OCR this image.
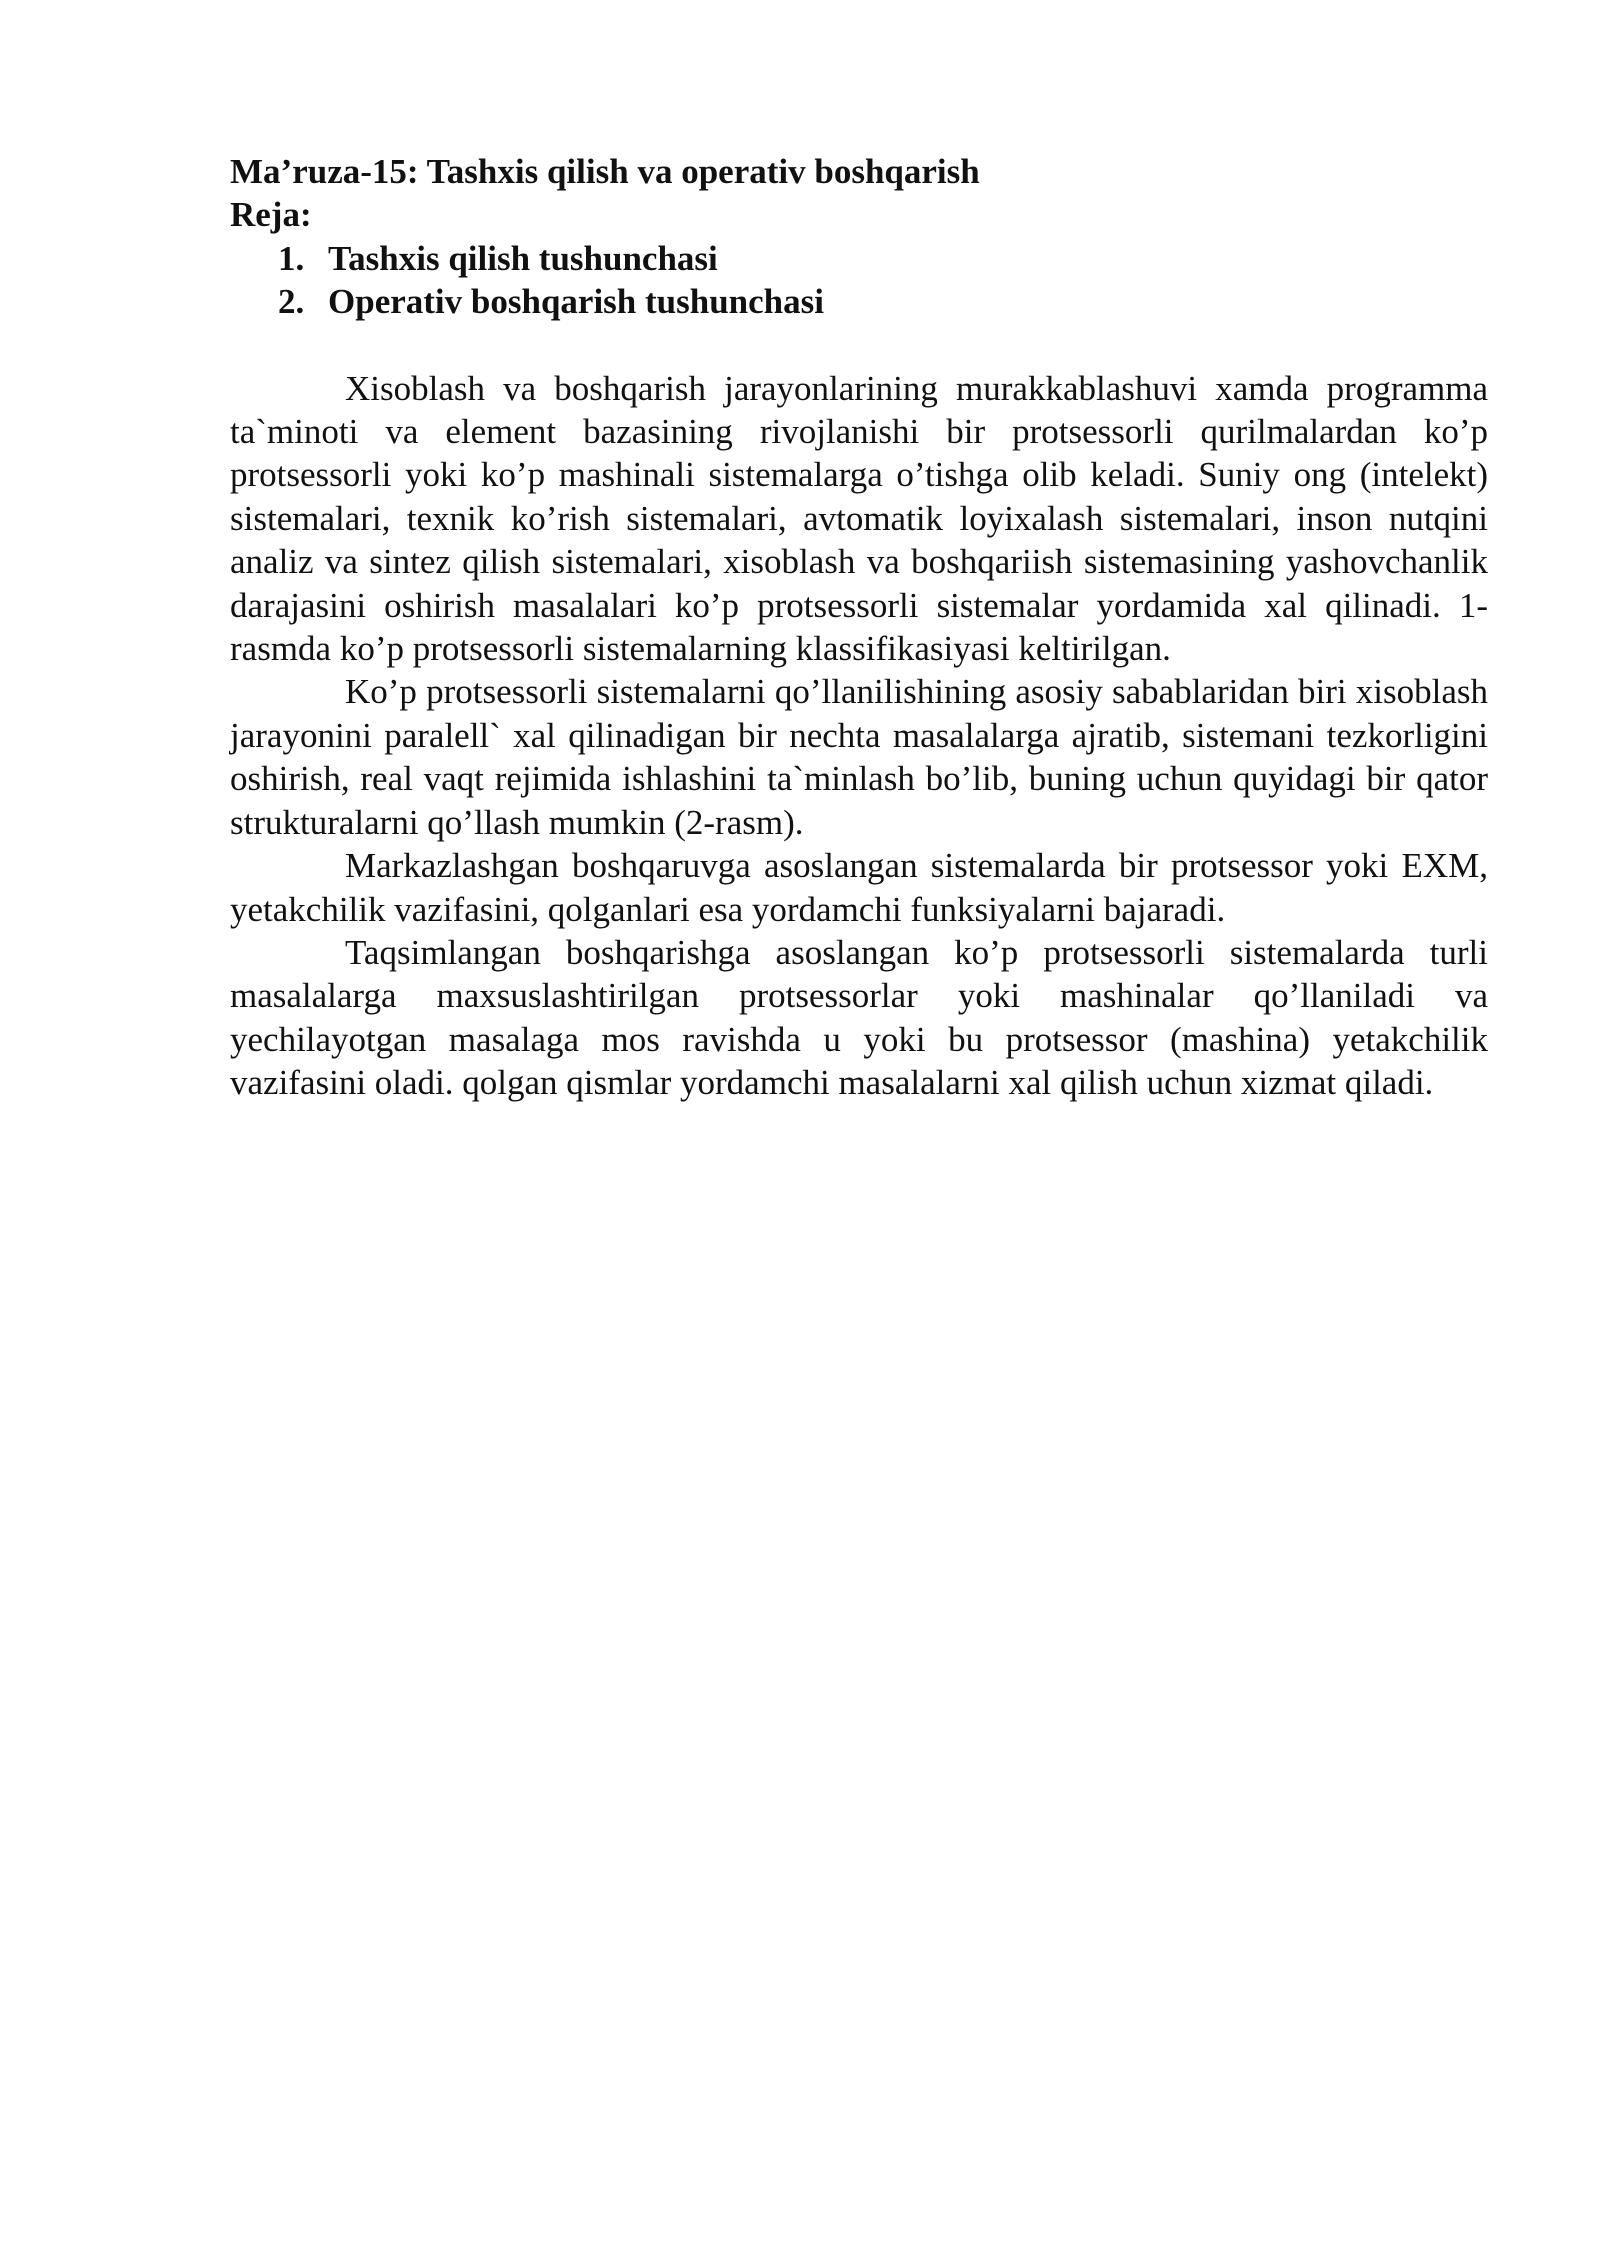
Ma’ruza-15: Tashxis qilish va operativ boshqarish

Reja:

1. Tashxis qilish tushunchasi
2. Operativ boshqarish tushunchasi

Xisoblash va boshqarish jarayonlarining murakkablashuvi xamda programma ta`minoti va element bazasining rivojlanishi bir protsessorli qurilmalardan ko’p protsessorli yoki ko’p mashinali sistemalarga o’tishga olib keladi. Suniy ong (intelekt) sistemalari, texnik ko’rish sistemalari, avtomatik loyixalash sistemalari, inson nutqini analiz va sintez qilish sistemalari, xisoblash va boshqariish sistemasining yashovchanlik darajasini oshirish masalalari ko’p protsessorli sistemalar yordamida xal qilinadi. 1-rasmda ko’p protsessorli sistemalarning klassifikasiyasi keltirilgan.

Ko’p protsessorli sistemalarni qo’llanilishining asosiy sabablaridan biri xisoblash jarayonini paralell` xal qilinadigan bir nechta masalalarga ajratib, sistemani tezkorligini oshirish, real vaqt rejimida ishlashini ta`minlash bo’lib, buning uchun quyidagi bir qator strukturalarni qo’llash mumkin (2-rasm).

Markazlashgan boshqaruvga asoslangan sistemalarda bir protsessor yoki EXM, yetakchilik vazifasini, qolganlari esa yordamchi funksiyalarni bajaradi.

Taqsimlangan boshqarishga asoslangan ko’p protsessorli sistemalarda turli masalalarga maxsuslashtirilgan protsessorlar yoki mashinalar qo’llaniladi va yechilayotgan masalaga mos ravishda u yoki bu protsessor (mashina) yetakchilik vazifasini oladi. qolgan qismlar yordamchi masalalarni xal qilish uchun xizmat qiladi.
